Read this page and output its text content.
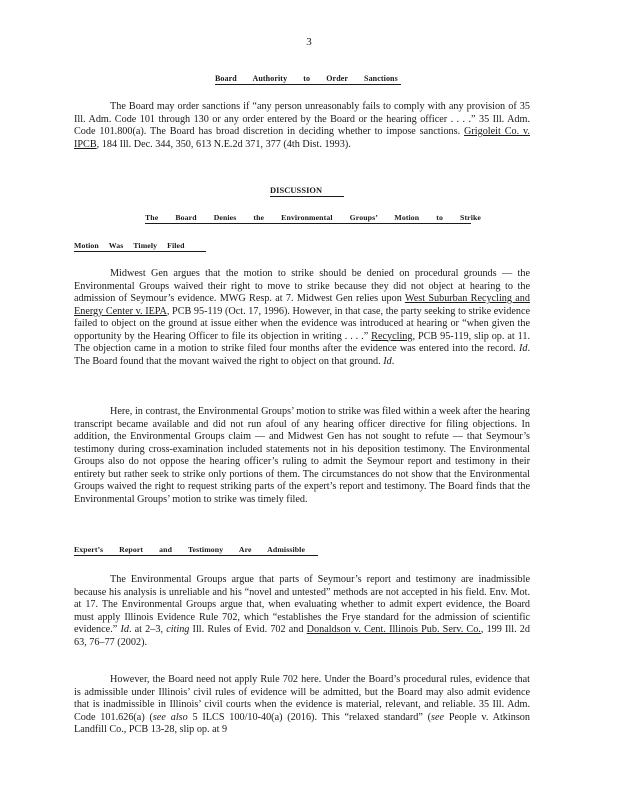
3
Board Authority to Order Sanctions

The Board may order sanctions if “any person unreasonably fails to comply with any provision of 35 Ill. Adm. Code 101 through 130 or any order entered by the Board or the hearing officer . . . .” 35 Ill. Adm. Code 101.800(a). The Board has broad discretion in deciding whether to impose sanctions. Grigoleit Co. v. IPCB, 184 Ill. Dec. 344, 350, 613 N.E.2d 371, 377 (4th Dist. 1993).

DISCUSSION
The Board Denies the Environmental Groups’ Motion to Strike
Motion Was Timely Filed

Midwest Gen argues that the motion to strike should be denied on procedural grounds — the Environmental Groups waived their right to move to strike because they did not object at hearing to the admission of Seymour’s evidence. MWG Resp. at 7. Midwest Gen relies upon West Suburban Recycling and Energy Center v. IEPA, PCB 95-119 (Oct. 17, 1996). However, in that case, the party seeking to strike evidence failed to object on the ground at issue either when the evidence was introduced at hearing or “when given the opportunity by the Hearing Officer to file its objection in writing . . . .” Recycling, PCB 95-119, slip op. at 11. The objection came in a motion to strike filed four months after the evidence was entered into the record. Id. The Board found that the movant waived the right to object on that ground. Id.

Here, in contrast, the Environmental Groups’ motion to strike was filed within a week after the hearing transcript became available and did not run afoul of any hearing officer directive for filing objections. In addition, the Environmental Groups claim — and Midwest Gen has not sought to refute — that Seymour’s testimony during cross-examination included statements not in his deposition testimony. The Environmental Groups also do not oppose the hearing officer’s ruling to admit the Seymour report and testimony in their entirety but rather seek to strike only portions of them. The circumstances do not show that the Environmental Groups waived the right to request striking parts of the expert’s report and testimony. The Board finds that the Environmental Groups’ motion to strike was timely filed.

Expert’s Report and Testimony Are Admissible

The Environmental Groups argue that parts of Seymour’s report and testimony are inadmissible because his analysis is unreliable and his “novel and untested” methods are not accepted in his field. Env. Mot. at 17. The Environmental Groups argue that, when evaluating whether to admit expert evidence, the Board must apply Illinois Evidence Rule 702, which “establishes the Frye standard for the admission of scientific evidence.” Id. at 2–3, citing Ill. Rules of Evid. 702 and Donaldson v. Cent. Illinois Pub. Serv. Co., 199 Ill. 2d 63, 76–77 (2002).

However, the Board need not apply Rule 702 here. Under the Board’s procedural rules, evidence that is admissible under Illinois’ civil rules of evidence will be admitted, but the Board may also admit evidence that is inadmissible in Illinois’ civil courts when the evidence is material, relevant, and reliable. 35 Ill. Adm. Code 101.626(a) (see also 5 ILCS 100/10-40(a) (2016). This “relaxed standard” (see People v. Atkinson Landfill Co., PCB 13-28, slip op. at 9
